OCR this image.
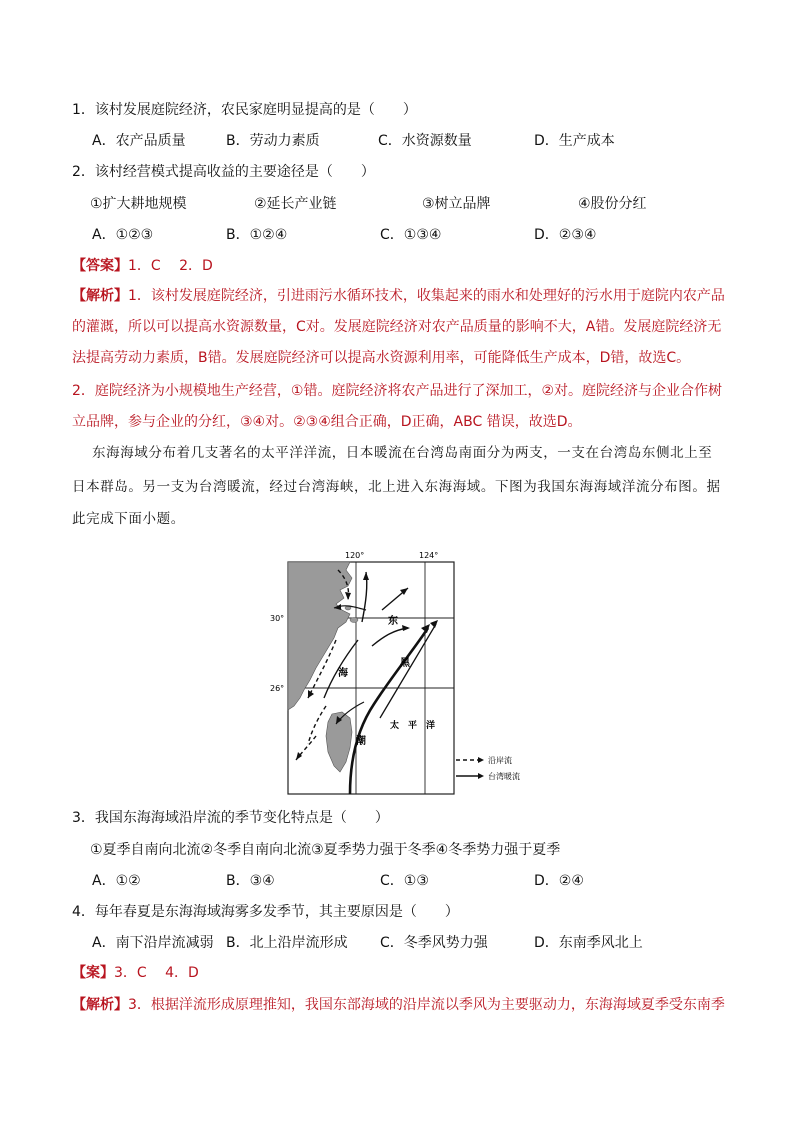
1．该村发展庭院经济，农民家庭明显提高的是（　　）
A．农产品质量	B．劳动力素质	C．水资源数量	D．生产成本
2．该村经营模式提高收益的主要途径是（　　）
①扩大耕地规模	②延长产业链	③树立品牌	④股份分红
A．①②③	B．①②④	C．①③④	D．②③④
【答案】1．C　 2．D
【解析】1．该村发展庭院经济，引进雨污水循环技术，收集起来的雨水和处理好的污水用于庭院内农产品的灌溉，所以可以提高水资源数量，C对。发展庭院经济对农产品质量的影响不大，A错。发展庭院经济无法提高劳动力素质，B错。发展庭院经济可以提高水资源利用率，可能降低生产成本，D错，故选C。
2．庭院经济为小规模地生产经营，①错。庭院经济将农产品进行了深加工，②对。庭院经济与企业合作树立品牌，参与企业的分红，③④对。②③④组合正确，D正确，ABC 错误，故选D。
东海海域分布着几支著名的太平洋洋流，日本暖流在台湾岛南面分为两支，一支在台湾岛东侧北上至
日本群岛。另一支为台湾暖流，经过台湾海峡，北上进入东海海域。下图为我国东海海域洋流分布图。据
此完成下面小题。
120°	124°
30°
26°
东
海
黑
潮
太　平　洋
沿岸流
台湾暖流
3．我国东海海域沿岸流的季节变化特点是（　　）
①夏季自南向北流②冬季自南向北流③夏季势力强于冬季④冬季势力强于夏季
A．①②	B．③④	C．①③	D．②④
4．每年春夏是东海海域海雾多发季节，其主要原因是（　　）
A．南下沿岸流减弱 B．北上沿岸流形成 C．冬季风势力强	D．东南季风北上
【案】3．C　 4．D
【解析】3．根据洋流形成原理推知，我国东部海域的沿岸流以季风为主要驱动力，东海海域夏季受东南季
